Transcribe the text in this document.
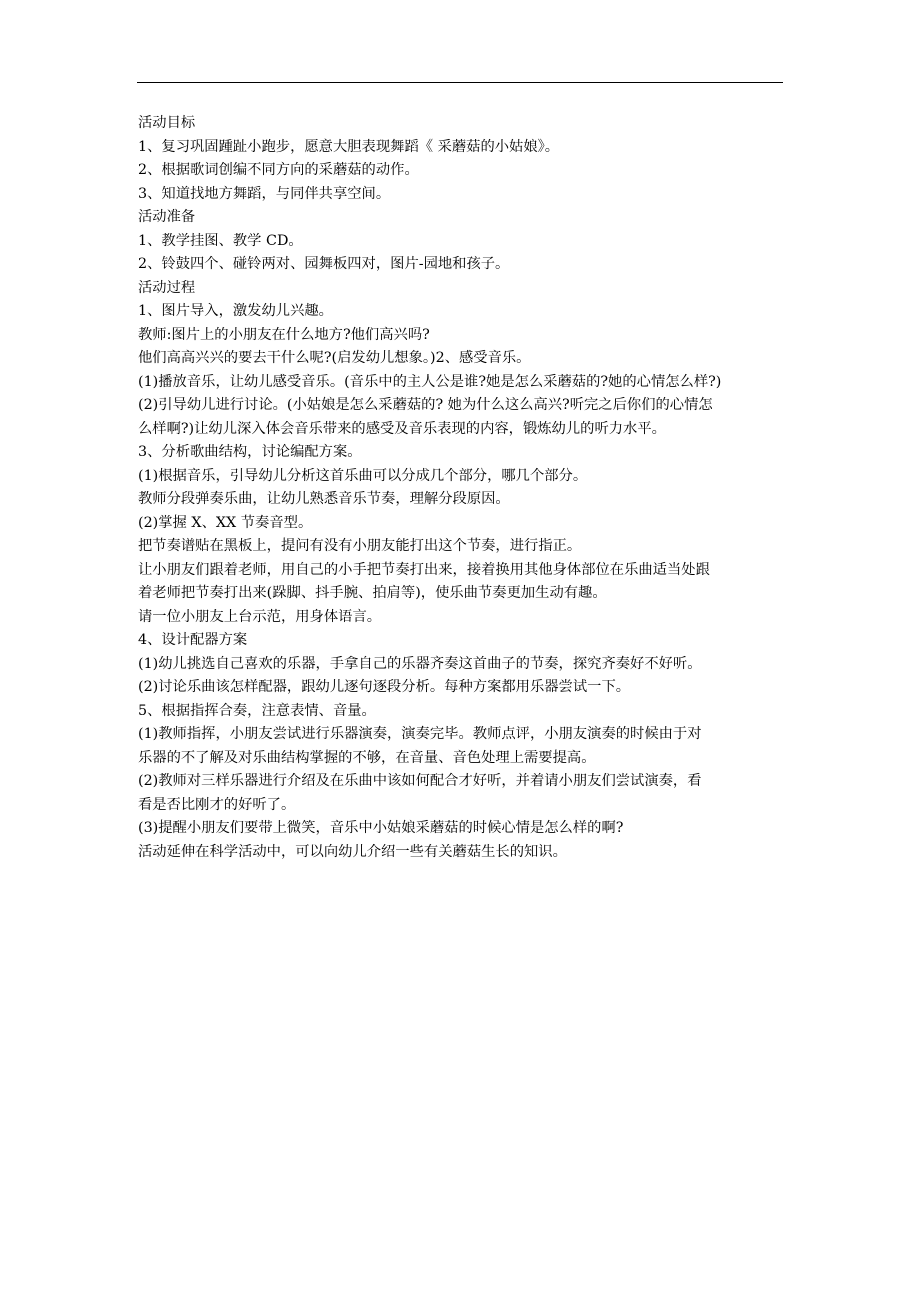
活动目标
1、复习巩固踵趾小跑步，愿意大胆表现舞蹈《 采蘑菇的小姑娘》。
2、根据歌词创编不同方向的采蘑菇的动作。
3、知道找地方舞蹈，与同伴共享空间。
活动准备
1、教学挂图、教学 CD。
2、铃鼓四个、碰铃两对、园舞板四对，图片-园地和孩子。
活动过程
1、图片导入，激发幼儿兴趣。
教师:图片上的小朋友在什么地方?他们高兴吗?
他们高高兴兴的要去干什么呢?(启发幼儿想象。)2、感受音乐。
(1)播放音乐，让幼儿感受音乐。(音乐中的主人公是谁?她是怎么采蘑菇的?她的心情怎么样?)
(2)引导幼儿进行讨论。(小姑娘是怎么采蘑菇的? 她为什么这么高兴?听完之后你们的心情怎
么样啊?)让幼儿深入体会音乐带来的感受及音乐表现的内容，锻炼幼儿的听力水平。
3、分析歌曲结构，讨论编配方案。
(1)根据音乐，引导幼儿分析这首乐曲可以分成几个部分，哪几个部分。
教师分段弹奏乐曲，让幼儿熟悉音乐节奏，理解分段原因。
(2)掌握 X、XX 节奏音型。
把节奏谱贴在黑板上，提问有没有小朋友能打出这个节奏，进行指正。
让小朋友们跟着老师，用自己的小手把节奏打出来，接着换用其他身体部位在乐曲适当处跟
着老师把节奏打出来(跺脚、抖手腕、拍肩等)，使乐曲节奏更加生动有趣。
请一位小朋友上台示范，用身体语言。
4、设计配器方案
(1)幼儿挑选自己喜欢的乐器，手拿自己的乐器齐奏这首曲子的节奏，探究齐奏好不好听。
(2)讨论乐曲该怎样配器，跟幼儿逐句逐段分析。每种方案都用乐器尝试一下。
5、根据指挥合奏，注意表情、音量。
(1)教师指挥，小朋友尝试进行乐器演奏，演奏完毕。教师点评，小朋友演奏的时候由于对
乐器的不了解及对乐曲结构掌握的不够，在音量、音色处理上需要提高。
(2)教师对三样乐器进行介绍及在乐曲中该如何配合才好听，并着请小朋友们尝试演奏，看
看是否比刚才的好听了。
(3)提醒小朋友们要带上微笑，音乐中小姑娘采蘑菇的时候心情是怎么样的啊?
活动延伸在科学活动中，可以向幼儿介绍一些有关蘑菇生长的知识。
